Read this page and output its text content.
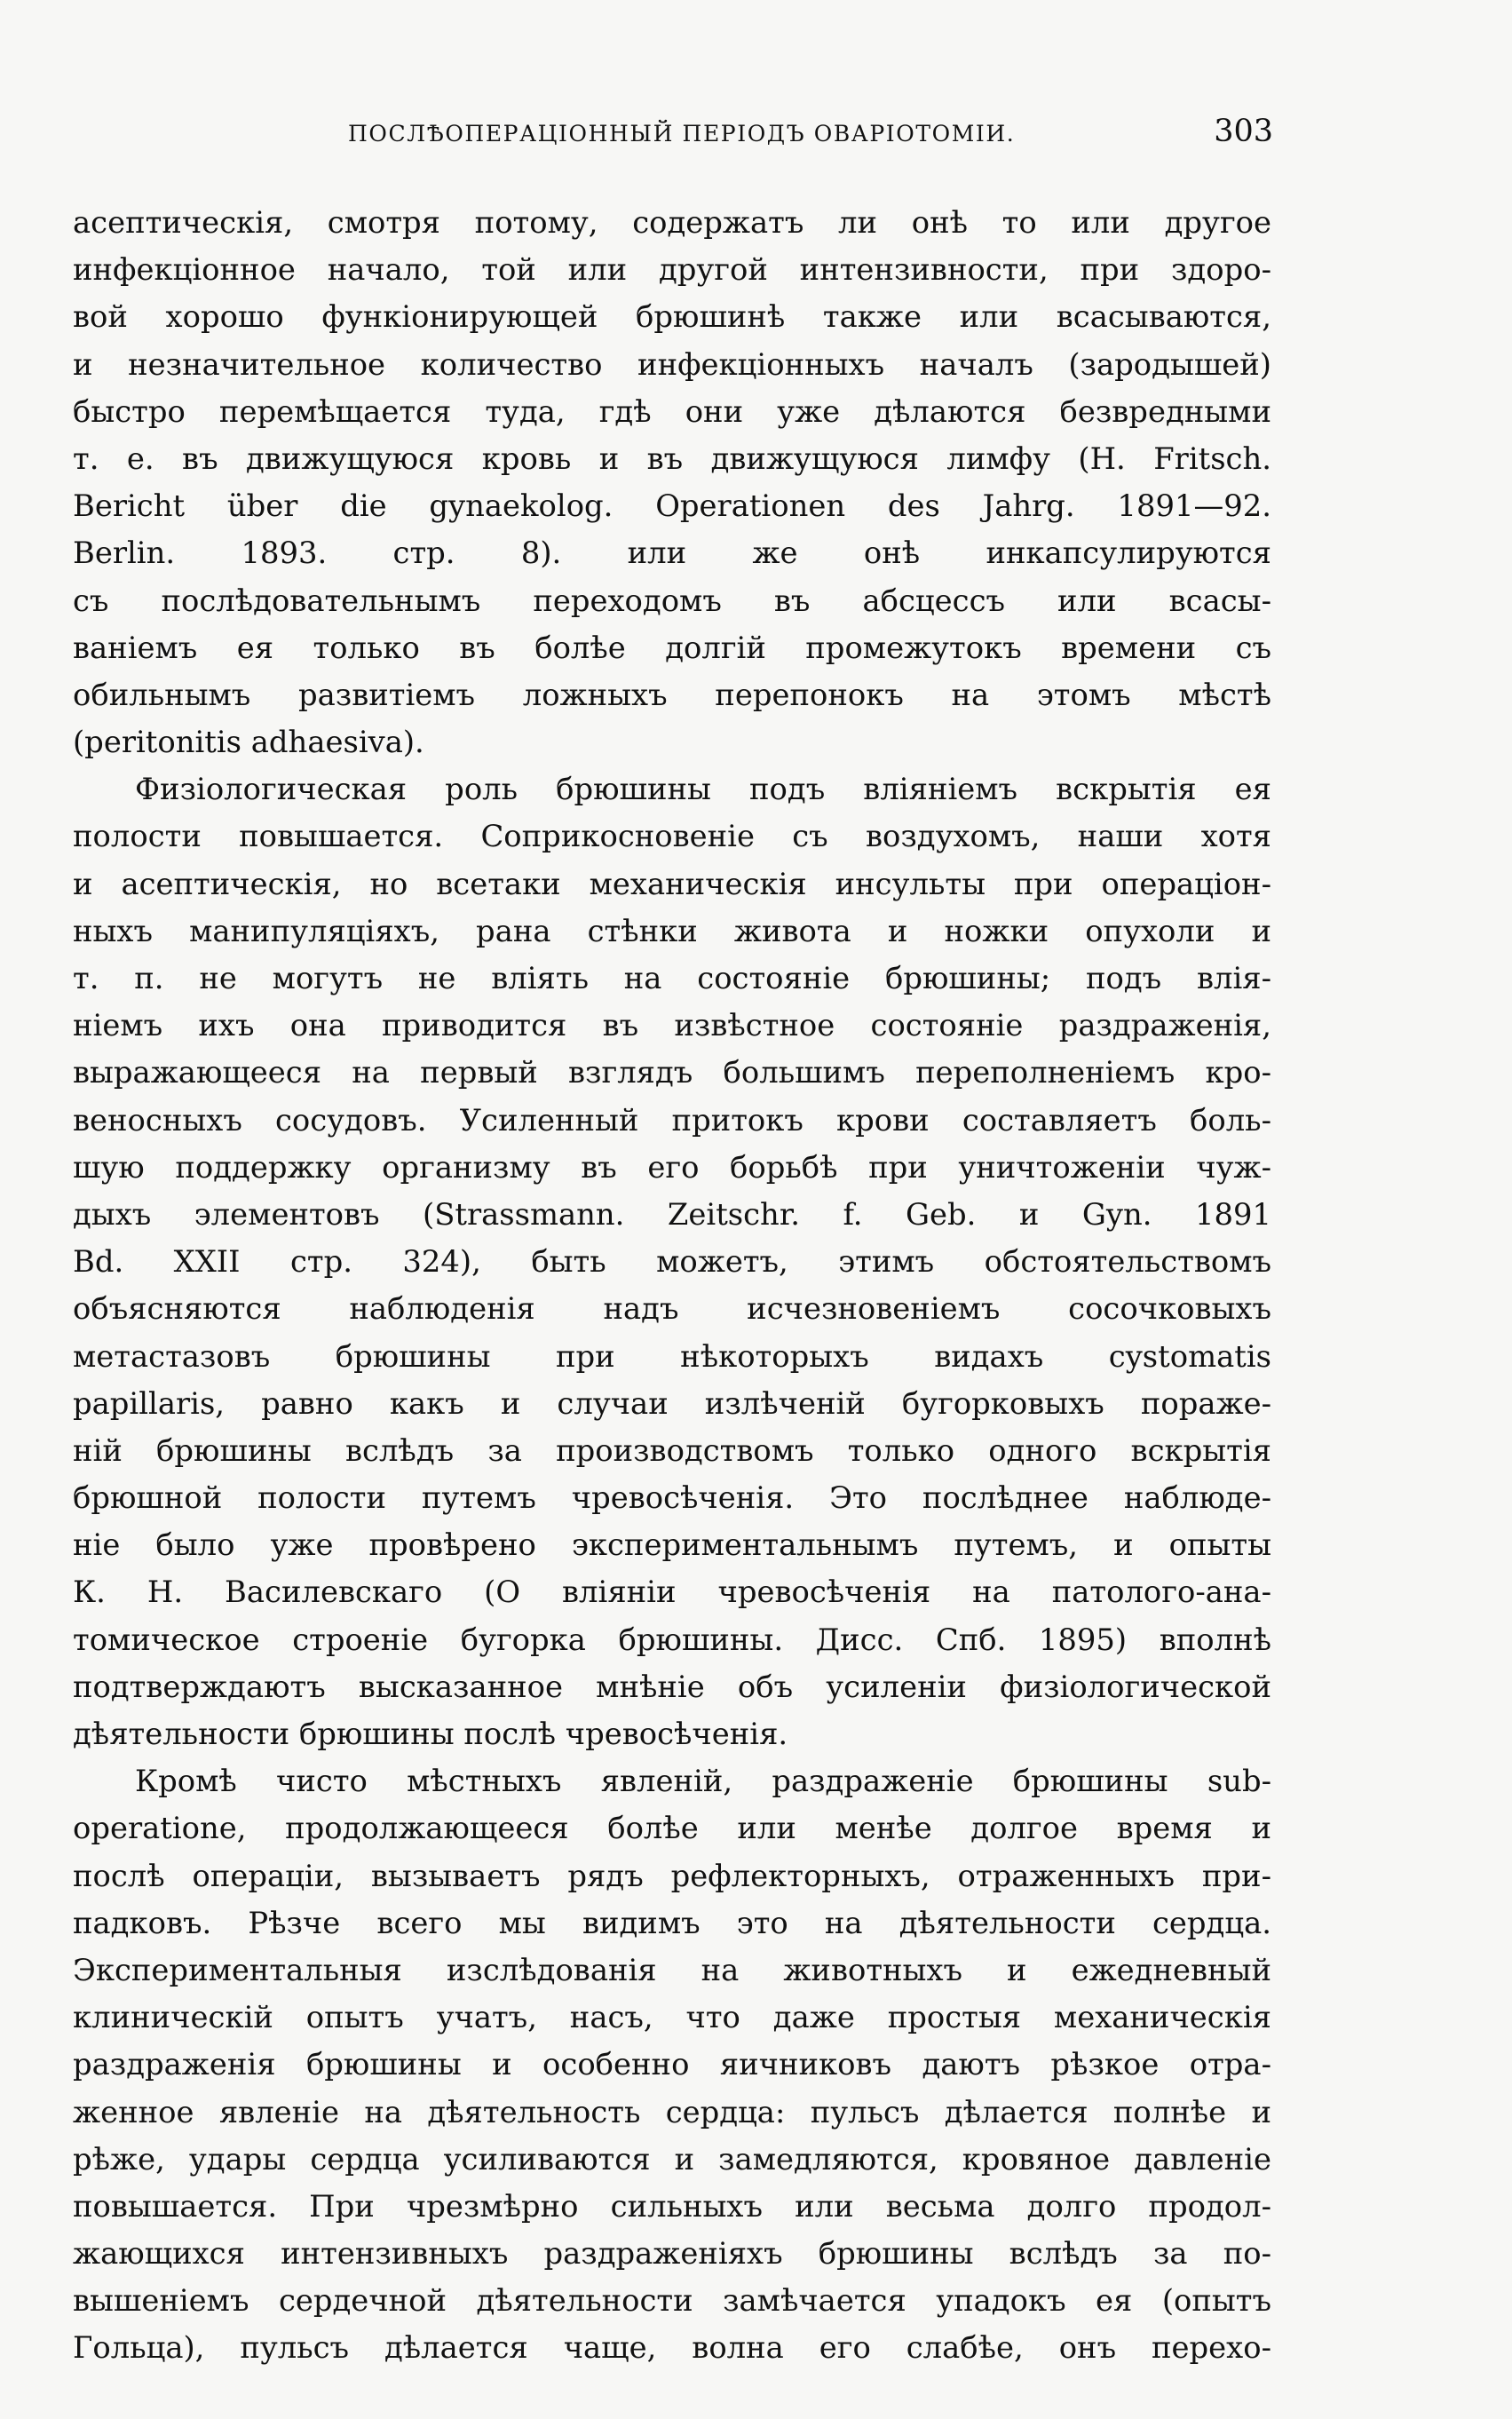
ПОСЛѢОПЕРАЦІОННЫЙ ПЕРІОДЪ ОВАРІОТОМІИ.	303
асептическія, смотря потому, содержатъ ли онѣ то или другое
инфекціонное начало, той или другой интензивности, при здоро-
вой хорошо функіонирующей брюшинѣ также или всасываются,
и незначительное количество инфекціонныхъ началъ (зародышей)
быстро перемѣщается туда, гдѣ они уже дѣлаются безвредными
т. е. въ движущуюся кровь и въ движущуюся лимфу (H. Fritsch.
Bericht über die gynaekolog. Operationen des Jahrg. 1891—92.
Berlin. 1893. стр. 8). или же онѣ инкапсулируются
съ послѣдовательнымъ переходомъ въ абсцессъ или всасы-
ваніемъ ея только въ болѣе долгій промежутокъ времени съ
обильнымъ развитіемъ ложныхъ перепонокъ на этомъ мѣстѣ
(peritonitis adhaesiva).
Физіологическая роль брюшины подъ вліяніемъ вскрытія ея
полости повышается. Соприкосновеніе съ воздухомъ, наши хотя
и асептическія, но всетаки механическія инсульты при операціон-
ныхъ манипуляціяхъ, рана стѣнки живота и ножки опухоли и
т. п. не могутъ не вліять на состояніе брюшины; подъ влія-
ніемъ ихъ она приводится въ извѣстное состояніе раздраженія,
выражающееся на первый взглядъ большимъ переполненіемъ кро-
веносныхъ сосудовъ. Усиленный притокъ крови составляетъ боль-
шую поддержку организму въ его борьбѣ при уничтоженіи чуж-
дыхъ элементовъ (Strassmann. Zeitschr. f. Geb. и Gyn. 1891
Bd. XXII стр. 324), быть можетъ, этимъ обстоятельствомъ
объясняются наблюденія надъ исчезновеніемъ сосочковыхъ
метастазовъ брюшины при нѣкоторыхъ видахъ cystomatis
papillaris, равно какъ и случаи излѣченій бугорковыхъ пораже-
ній брюшины вслѣдъ за производствомъ только одного вскрытія
брюшной полости путемъ чревосѣченія. Это послѣднее наблюде-
ніе было уже провѣрено экспериментальнымъ путемъ, и опыты
К. Н. Василевскаго (О вліяніи чревосѣченія на патолого-ана-
томическое строеніе бугорка брюшины. Дисс. Спб. 1895) вполнѣ
подтверждаютъ высказанное мнѣніе объ усиленіи физіологической
дѣятельности брюшины послѣ чревосѣченія.
Кромѣ чисто мѣстныхъ явленій, раздраженіе брюшины sub-
operatione, продолжающееся болѣе или менѣе долгое время и
послѣ операціи, вызываетъ рядъ рефлекторныхъ, отраженныхъ при-
падковъ. Рѣзче всего мы видимъ это на дѣятельности сердца.
Экспериментальныя изслѣдованія на животныхъ и ежедневный
клиническій опытъ учатъ, насъ, что даже простыя механическія
раздраженія брюшины и особенно яичниковъ даютъ рѣзкое отра-
женное явленіе на дѣятельность сердца: пульсъ дѣлается полнѣе и
рѣже, удары сердца усиливаются и замедляются, кровяное давленіе
повышается. При чрезмѣрно сильныхъ или весьма долго продол-
жающихся интензивныхъ раздраженіяхъ брюшины вслѣдъ за по-
вышеніемъ сердечной дѣятельности замѣчается упадокъ ея (опытъ
Гольца), пульсъ дѣлается чаще, волна его слабѣе, онъ перехо-
